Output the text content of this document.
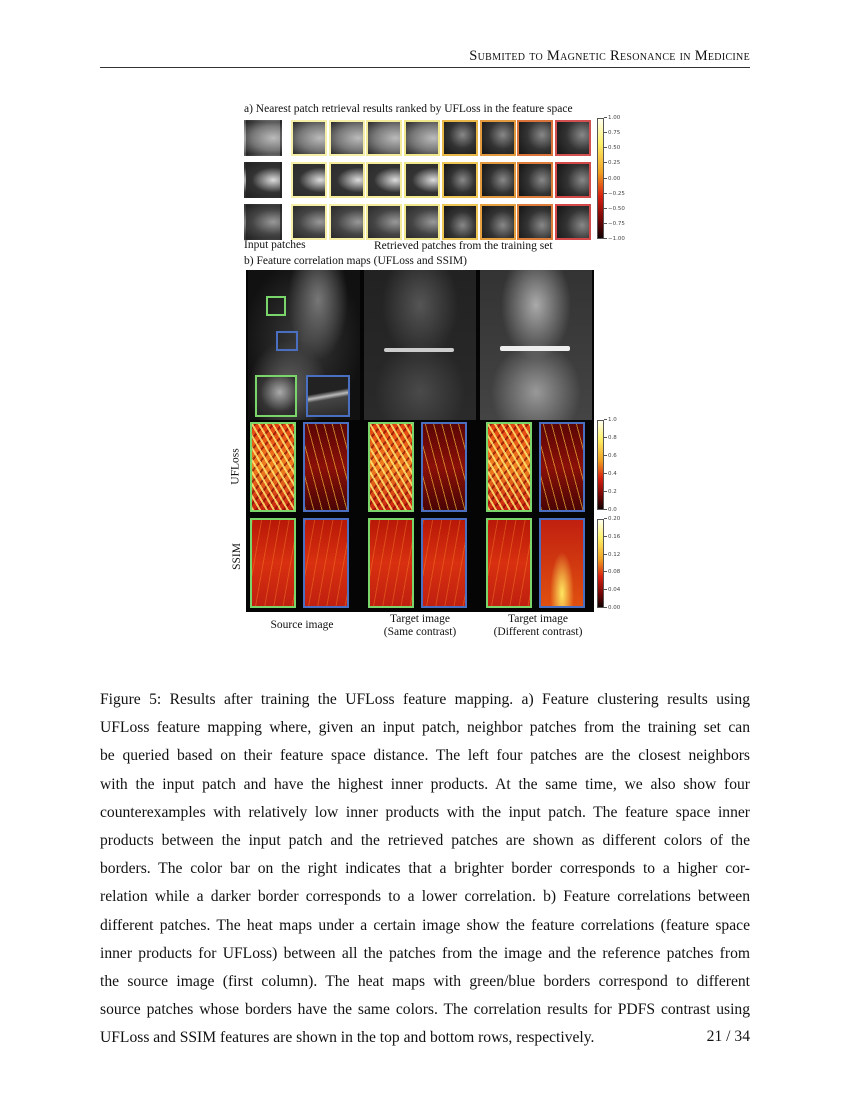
Submited to Magnetic Resonance in Medicine
a) Nearest patch retrieval results ranked by UFLoss in the feature space
1.00
0.75
0.50
0.25
0.00
−0.25
−0.50
−0.75
−1.00
Input patches	Retrieved patches from the training set
b) Feature correlation maps (UFLoss and SSIM)
1.0
0.8
0.6
0.4
0.2
0.0
0.20
0.16
0.12
0.08
0.04
0.00
UFLoss
SSIM
Source image	Target image
(Same contrast)
Target image
(Different contrast)
Figure 5: Results after training the UFLoss feature mapping. a) Feature clustering results using
UFLoss feature mapping where, given an input patch, neighbor patches from the training set can
be queried based on their feature space distance. The left four patches are the closest neighbors
with the input patch and have the highest inner products. At the same time, we also show four
counterexamples with relatively low inner products with the input patch. The feature space inner
products between the input patch and the retrieved patches are shown as different colors of the
borders. The color bar on the right indicates that a brighter border corresponds to a higher cor-
relation while a darker border corresponds to a lower correlation. b) Feature correlations between
different patches. The heat maps under a certain image show the feature correlations (feature space
inner products for UFLoss) between all the patches from the image and the reference patches from
the source image (first column). The heat maps with green/blue borders correspond to different
source patches whose borders have the same colors. The correlation results for PDFS contrast using
UFLoss and SSIM features are shown in the top and bottom rows, respectively.	21 / 34
